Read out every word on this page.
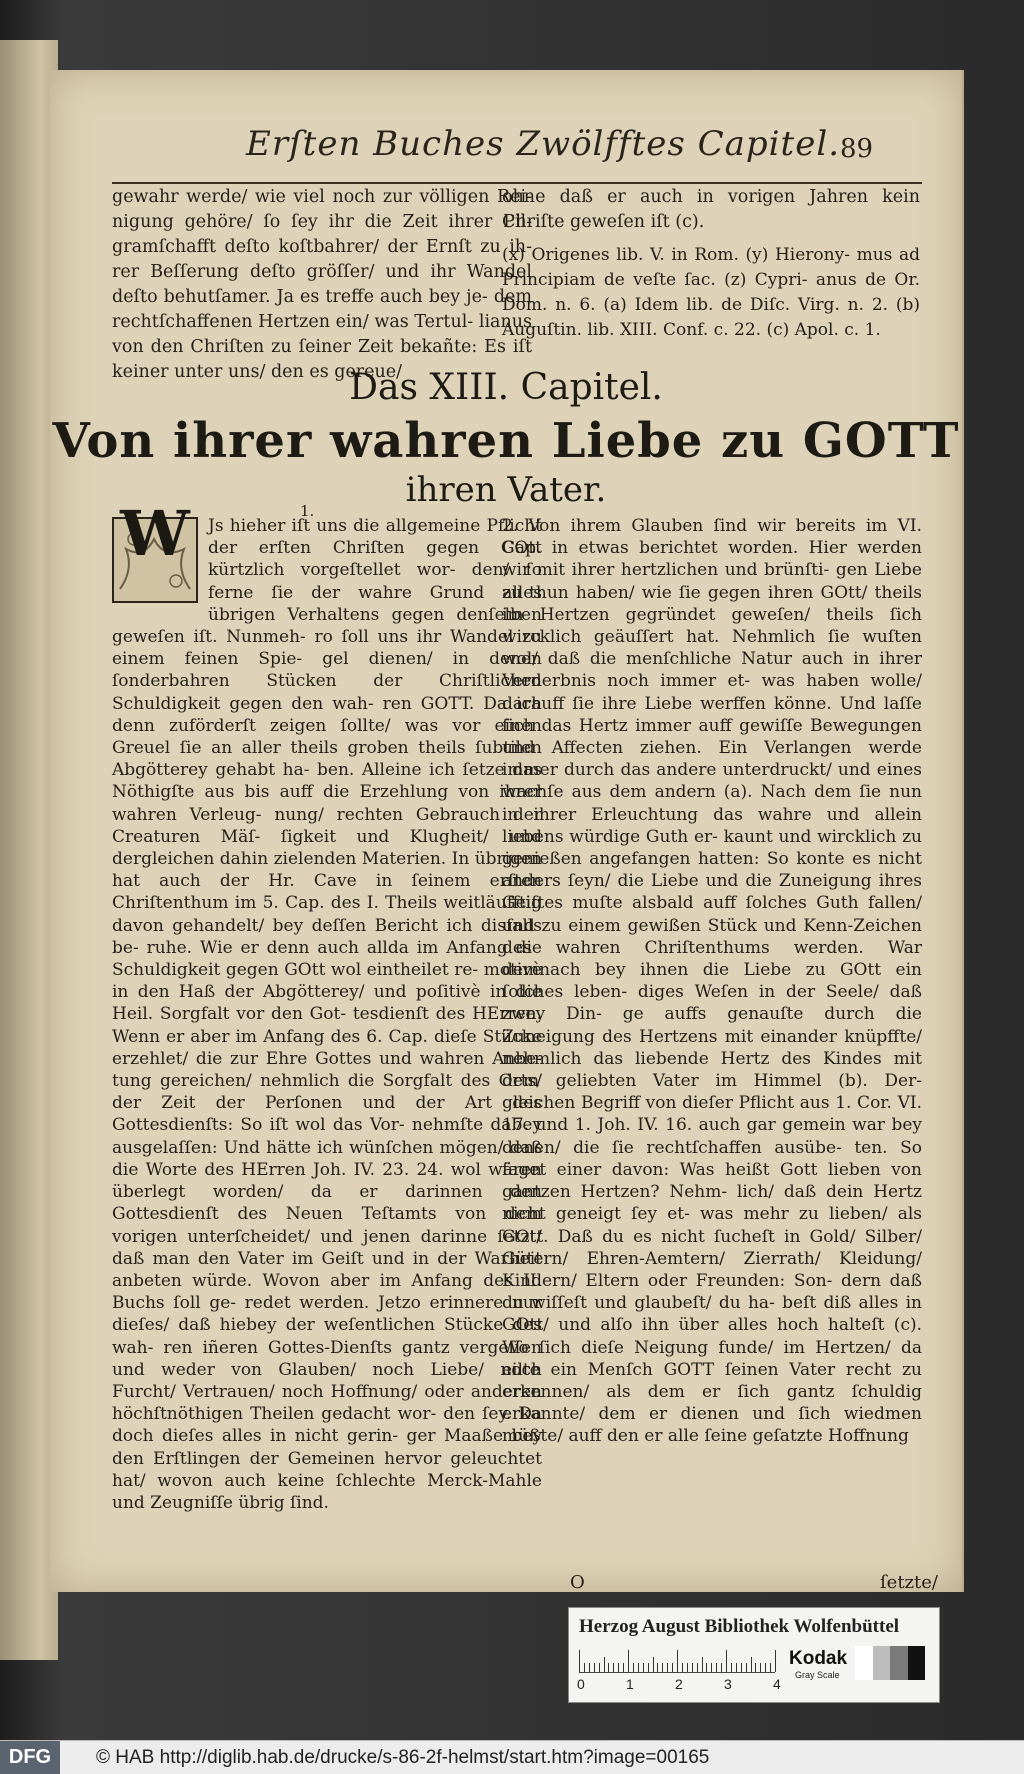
Erſten Buches Zwölfftes Capitel. 89

gewahr werde/ wie viel noch zur völligen Rei- nigung gehöre/ ſo ſey ihr die Zeit ihrer Pil- gramſchafft deſto koſtbahrer/ der Ernſt zu ih- rer Beſſerung deſto gröſſer/ und ihr Wandel deſto behutſamer. Ja es treffe auch bey je- dem rechtſchaffenen Hertzen ein/ was Tertul- lianus von den Chriſten zu ſeiner Zeit bekañte: Es iſt keiner unter uns/ den es gereue/

ohne daß er auch in vorigen Jahren kein Chriſte geweſen iſt (c).

(x) Origenes lib. V. in Rom. (y) Hierony- mus ad Principiam de veſte ſac. (z) Cypri- anus de Or. Dom. n. 6. (a) Idem lib. de Diſc. Virg. n. 2. (b) Auguſtin. lib. XIII. Conf. c. 22. (c) Apol. c. 1.

Das XIII. Capitel.
Von ihrer wahren Liebe zu GOTT
ihren Vater.
1.
W	Js hieher iſt uns die allgemeine Pflicht der erſten Chriſten gegen GOtt kürtzlich vorgeſtellet wor- den/ ſo ferne ſie der wahre Grund alles übrigen Verhaltens gegen denſelben geweſen iſt. Nunmeh- ro ſoll uns ihr Wandel zu einem feinen Spie- gel dienen/ in denen ſonderbahren Stücken der Chriſtlichen Schuldigkeit gegen den wah- ren GOTT. Da ich denn zuförderſt zeigen ſollte/ was vor einen Greuel ſie an aller theils groben theils ſubtilen Abgötterey gehabt ha- ben. Alleine ich ſetze das Nöthigſte aus bis auff die Erzehlung von ihrer wahren Verleug- nung/ rechten Gebrauch der Creaturen Mäſ- ſigkeit und Klugheit/ und dergleichen dahin zielenden Materien. In übrigen hat auch der Hr. Cave in ſeinem erſten Chriſtenthum im 5. Cap. des I. Theils weitläufftig davon gehandelt/ bey deſſen Bericht ich disfalls be- ruhe. Wie er denn auch allda im Anfang die Schuldigkeit gegen GOtt wol eintheilet re- motivè in den Haß der Abgötterey/ und poſitivè in die Heil. Sorgfalt vor den Got- tesdienſt des HErren. Wenn er aber im Anfang des 6. Cap. dieſe Stücke erzehlet/ die zur Ehre Gottes und wahren Anbe- tung gereichen/ nehmlich die Sorgfalt des Orts/ der Zeit der Perſonen und der Art des Gottesdienſts: So iſt wol das Vor- nehmſte dabey ausgelaſſen: Und hätte ich wünſchen mögen/ daß die Worte des HErren Joh. IV. 23. 24. wol wären überlegt worden/ da er darinnen den Gottesdienſt des Neuen Teſtamts von dem vorigen unterſcheidet/ und jenen darinne ſetzt/ daß man den Vater im Geiſt und in der Warheit anbeten würde. Wovon aber im Anfang des II. Buchs ſoll ge- redet werden. Jetzo erinnere nur dieſes/ daß hiebey der weſentlichen Stücke des wah- ren iñeren Gottes-Dienſts gantz vergeſſen und weder von Glauben/ noch Liebe/ noch Furcht/ Vertrauen/ noch Hoffnung/ oder anderen höchſtnöthigen Theilen gedacht wor- den ſey. Da doch dieſes alles in nicht gerin- ger Maaße bey den Erſtlingen der Gemeinen hervor geleuchtet hat/ wovon auch keine ſchlechte Merck-Mahle und Zeugniſſe übrig ſind.

2. Von ihrem Glauben ſind wir bereits im VI. Cap. in etwas berichtet worden. Hier werden wir mit ihrer hertzlichen und brünſti- gen Liebe zu thun haben/ wie ſie gegen ihren GOtt/ theils im Hertzen gegründet geweſen/ theils ſich wircklich geäuſſert hat. Nehmlich ſie wuſten wol/ daß die menſchliche Natur auch in ihrer Verderbnis noch immer et- was haben wolle/ darauff ſie ihre Liebe werffen könne. Und laſſe ſich das Hertz immer auff gewiſſe Bewegungen und Affecten ziehen. Ein Verlangen werde immer durch das andere unterdruckt/ und eines wachſe aus dem andern (a). Nach dem ſie nun in ihrer Erleuchtung das wahre und allein liebens würdige Guth er- kaunt und wircklich zu genießen angefangen hatten: So konte es nicht anders ſeyn/ die Liebe und die Zuneigung ihres Geiſtes muſte alsbald auff ſolches Guth fallen/ und zu einem gewißen Stück und Kenn-Zeichen des wahren Chriſtenthums werden. War demnach bey ihnen die Liebe zu GOtt ein ſolches leben- diges Weſen in der Seele/ daß zwey Din- ge auffs genauſte durch die Zuneigung des Hertzens mit einander knüpffte/ nehmlich das liebende Hertz des Kindes mit dem geliebten Vater im Himmel (b). Der- gleichen Begriff von dieſer Pflicht aus 1. Cor. VI. 17. und 1. Joh. IV. 16. auch gar gemein war bey denen/ die ſie rechtſchaffen ausübe- ten. So ſaget einer davon: Was heißt Gott lieben von gantzen Hertzen? Nehm- lich/ daß dein Hertz nicht geneigt ſey et- was mehr zu lieben/ als GOtt. Daß du es nicht ſucheſt in Gold/ Silber/ Gütern/ Ehren-Aemtern/ Zierrath/ Kleidung/ Kindern/ Eltern oder Freunden: Son- dern daß du wiſſeſt und glaubeſt/ du ha- beſt diß alles in GOtt/ und alſo ihn über alles hoch halteſt (c). Wo ſich dieſe Neigung funde/ im Hertzen/ da eilte ein Menſch GOTT ſeinen Vater recht zu erkennen/ als dem er ſich gantz ſchuldig erkannte/ dem er dienen und ſich wiedmen müßte/ auff den er alle ſeine geſatzte Hoffnung

O	ſetzte/
Herzog August Bibliothek Wolfenbüttel
0	1	2	3	4
Kodak
Gray Scale
DFG	© HAB http://diglib.hab.de/drucke/s-86-2f-helmst/start.htm?image=00165
